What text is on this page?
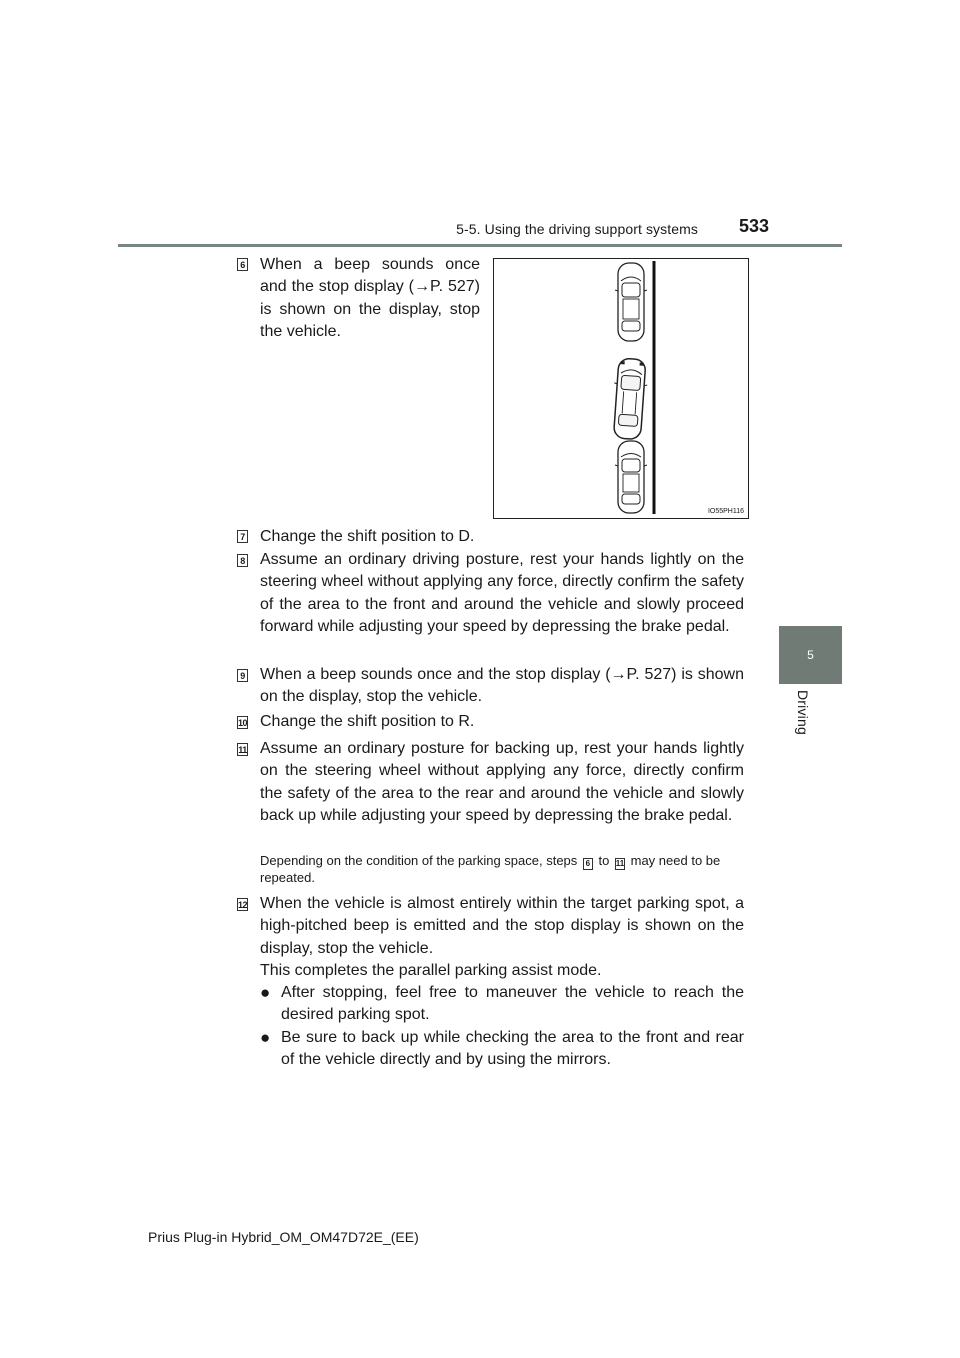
5-5. Using the driving support systems 533
5
Driving
6 When a beep sounds once and the stop display (→P. 527) is shown on the display, stop the vehicle.
IO55PH116
7 Change the shift position to D.
8 Assume an ordinary driving posture, rest your hands lightly on the steering wheel without applying any force, directly confirm the safety of the area to the front and around the vehicle and slowly proceed forward while adjusting your speed by depressing the brake pedal.
9 When a beep sounds once and the stop display (→P. 527) is shown on the display, stop the vehicle.
10 Change the shift position to R.
11 Assume an ordinary posture for backing up, rest your hands lightly on the steering wheel without applying any force, directly confirm the safety of the area to the rear and around the vehicle and slowly back up while adjusting your speed by depressing the brake pedal.
Depending on the condition of the parking space, steps 6 to 11 may need to be repeated.
12 When the vehicle is almost entirely within the target parking spot, a high-pitched beep is emitted and the stop display is shown on the display, stop the vehicle.

This completes the parallel parking assist mode.

● After stopping, feel free to maneuver the vehicle to reach the desired parking spot.
● Be sure to back up while checking the area to the front and rear of the vehicle directly and by using the mirrors.
Prius Plug-in Hybrid_OM_OM47D72E_(EE)
